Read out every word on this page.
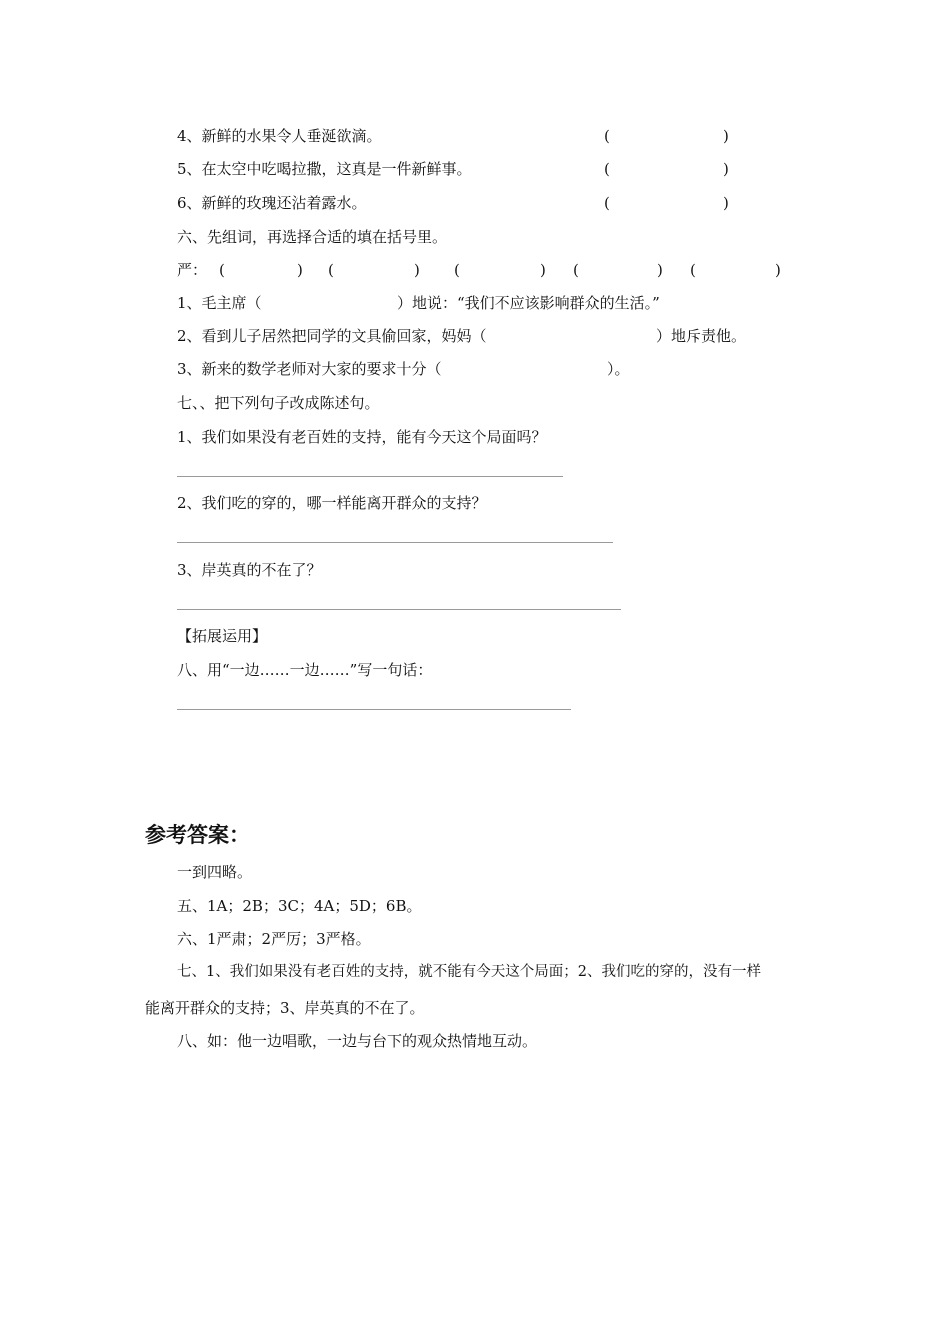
4、新鲜的水果令人垂涎欲滴。	(	)
5、在太空中吃喝拉撒，这真是一件新鲜事。	(	)
6、新鲜的玫瑰还沾着露水。	(	)
六、先组词，再选择合适的填在括号里。
严： (	) (	) (	) (	) (	)
1、毛主席（	）地说：“我们不应该影响群众的生活。”
2、看到儿子居然把同学的文具偷回家，妈妈（	）地斥责他。
3、新来的数学老师对大家的要求十分（	）。
七、、把下列句子改成陈述句。
1、我们如果没有老百姓的支持，能有今天这个局面吗？
2、我们吃的穿的，哪一样能离开群众的支持？
3、岸英真的不在了？
【拓展运用】
八、用“一边……一边……”写一句话：
参考答案：
一到四略。
五、1A；2B；3C；4A；5D；6B。
六、1严肃；2严厉；3严格。
七、1、我们如果没有老百姓的支持，就不能有今天这个局面；2、我们吃的穿的，没有一样
能离开群众的支持；3、岸英真的不在了。
八、如：他一边唱歌，一边与台下的观众热情地互动。
